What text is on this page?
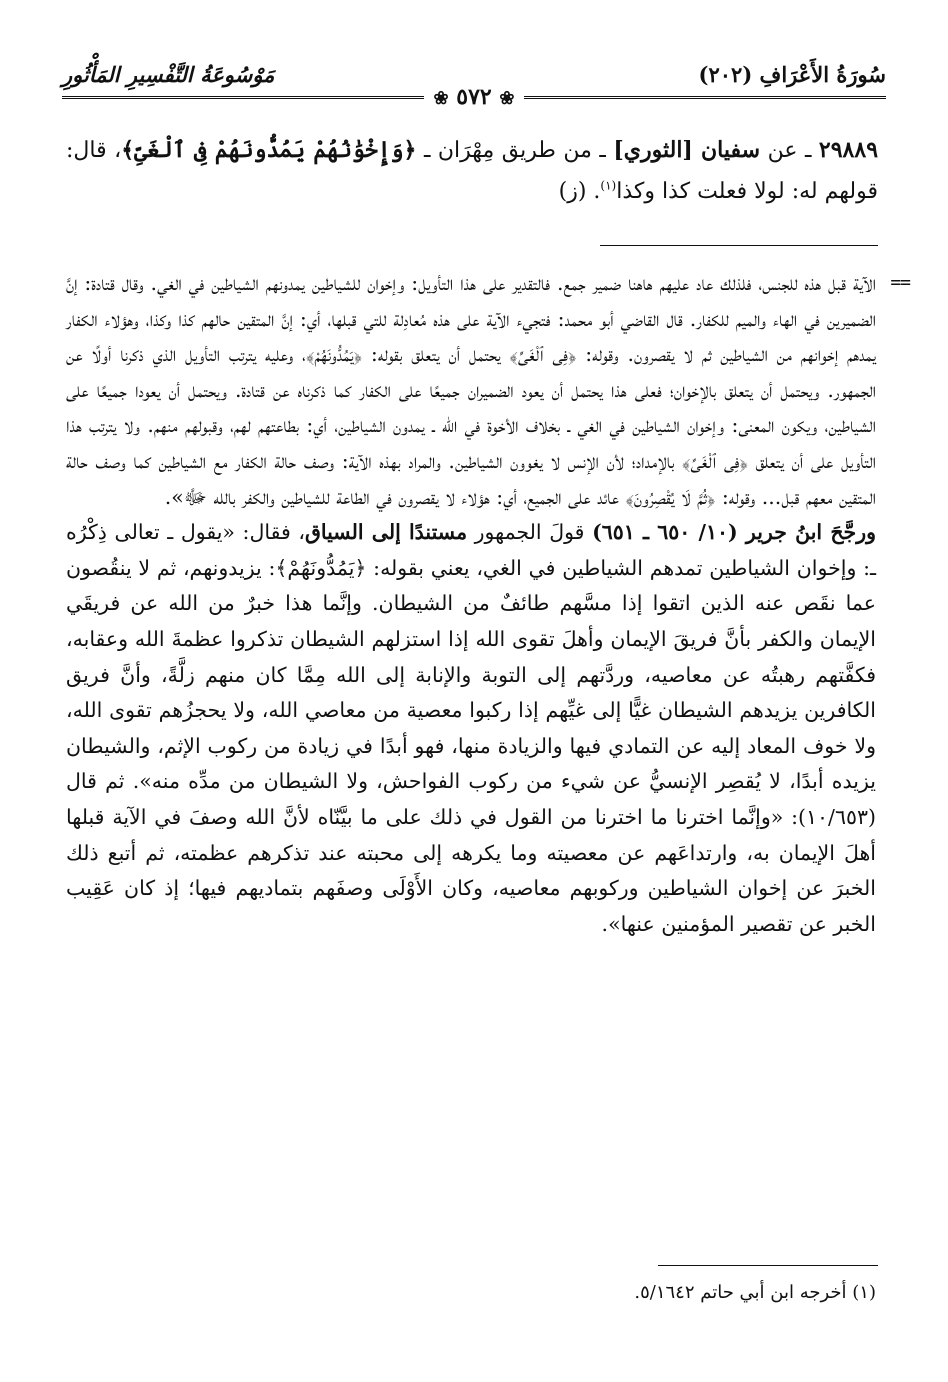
سُورَةُ الأَعْرَافِ (٢٠٢)
مَوْسُوعَةُ التَّفْسِيرِ المَأْثُورِ
❀ ٥٧٢ ❀

٢٩٨٨٩ ـ عن سفيان [الثوري] ـ من طريق مِهْرَان ـ ﴿وَإِخْوَٰنُهُمْ يَمُدُّونَهُمْ فِى ٱلْغَىِّ﴾، قال: قولهم له: لولا فعلت كذا وكذا$^{(١)}$. (ز)

==

الآية قبل هذه للجنس، فلذلك عاد عليهم هاهنا ضمير جمع. فالتقدير على هذا التأويل: وإخوان للشياطين يمدونهم الشياطين في الغي. وقال قتادة: إنَّ الضميرين في الهاء والميم للكفار. قال القاضي أبو محمد: فتجيء الآية على هذه مُعادِلة للتي قبلها، أي: إنَّ المتقين حالهم كذا وكذا، وهؤلاء الكفار يمدهم إخوانهم من الشياطين ثم لا يقصرون. وقوله: ﴿فِى ٱلْغَىِّ﴾ يحتمل أن يتعلق بقوله: ﴿يَمُدُّونَهُمْ﴾، وعليه يترتب التأويل الذي ذكرنا أولًا عن الجمهور. ويحتمل أن يتعلق بالإخوان؛ فعلى هذا يحتمل أن يعود الضميران جميعًا على الكفار كما ذكرناه عن قتادة. ويحتمل أن يعودا جميعًا على الشياطين، ويكون المعنى: وإخوان الشياطين في الغي ـ بخلاف الأخوة في الله ـ يمدون الشياطين، أي: بطاعتهم لهم، وقبولهم منهم. ولا يترتب هذا التأويل على أن يتعلق ﴿فِى ٱلْغَىِّ﴾ بالإمداد؛ لأن الإنس لا يغوون الشياطين. والمراد بهذه الآية: وصف حالة الكفار مع الشياطين كما وصف حالة المتقين معهم قبل... وقوله: ﴿ثُمَّ لَا يُقْصِرُونَ﴾ عائد على الجميع، أي: هؤلاء لا يقصرون في الطاعة للشياطين والكفر بالله ﷻ».

ورجَّحَ ابنُ جرير (١٠/ ٦٥٠ ـ ٦٥١) قولَ الجمهور مستندًا إلى السياق، فقال: «يقول ـ تعالى ذِكْرُه ـ: وإخوان الشياطين تمدهم الشياطين في الغي، يعني بقوله: ﴿يَمُدُّونَهُمْ﴾: يزيدونهم، ثم لا ينقُصون عما نقَص عنه الذين اتقوا إذا مسَّهم طائفٌ من الشيطان. وإنَّما هذا خبرٌ من الله عن فريقَي الإيمان والكفر بأنَّ فريقَ الإيمان وأهلَ تقوى الله إذا استزلهم الشيطان تذكروا عظمةَ الله وعقابه، فكفَّتهم رهبتُه عن معاصيه، وردَّتهم إلى التوبة والإنابة إلى الله مِمَّا كان منهم زلَّةً، وأنَّ فريق الكافرين يزيدهم الشيطان غيًّا إلى غيِّهم إذا ركبوا معصية من معاصي الله، ولا يحجزُهم تقوى الله، ولا خوف المعاد إليه عن التمادي فيها والزيادة منها، فهو أبدًا في زيادة من ركوب الإثم، والشيطان يزيده أبدًا، لا يُقصِر الإنسيُّ عن شيء من ركوب الفواحش، ولا الشيطان من مدِّه منه». ثم قال (١٠/٦٥٣): «وإنَّما اخترنا ما اخترنا من القول في ذلك على ما بيَّنّاه لأنَّ الله وصفَ في الآية قبلها أهلَ الإيمان به، وارتداعَهم عن معصيته وما يكرهه إلى محبته عند تذكرهم عظمته، ثم أتبع ذلك الخبرَ عن إخوان الشياطين وركوبهم معاصيه، وكان الأَوْلَى وصفَهم بتماديهم فيها؛ إذ كان عَقِيب الخبر عن تقصير المؤمنين عنها».

(١) أخرجه ابن أبي حاتم ٥/١٦٤٢.
